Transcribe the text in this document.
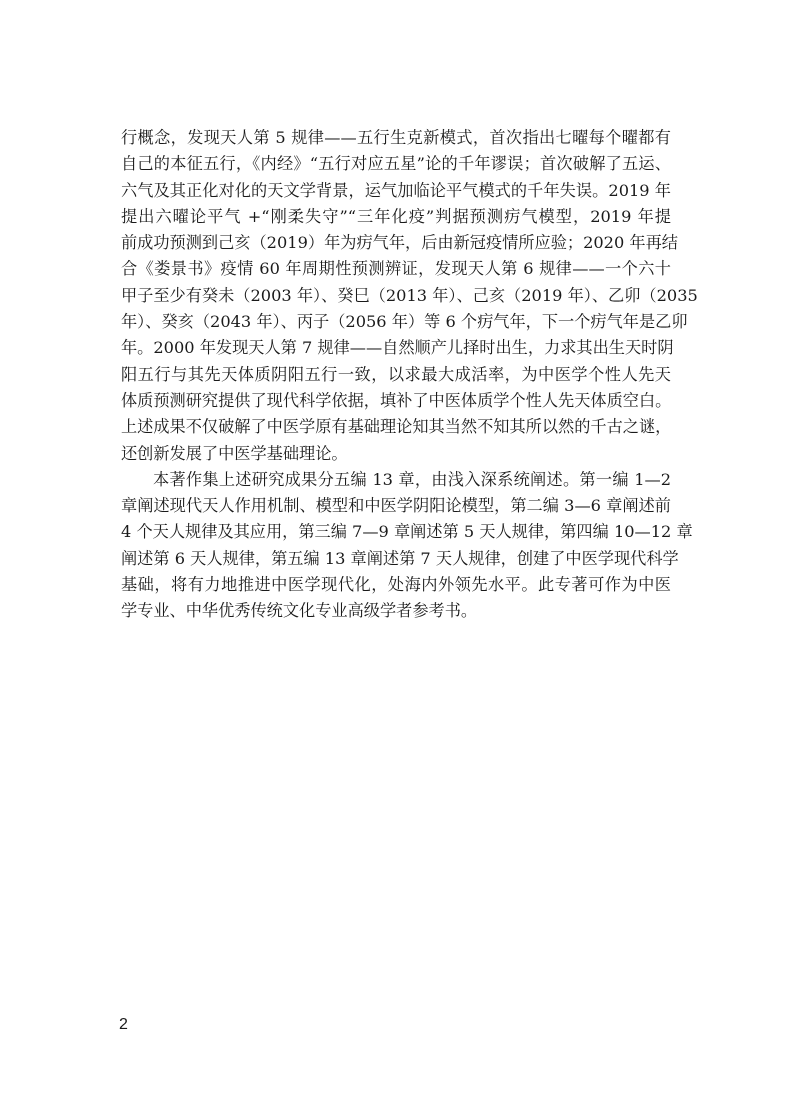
行概念，发现天人第 5 规律——五行生克新模式，首次指出七曜每个曜都有
自己的本征五行，《内经》“五行对应五星”论的千年谬误；首次破解了五运、
六气及其正化对化的天文学背景，运气加临论平气模式的千年失误。2019 年
提出六曜论平气 +“刚柔失守”“三年化疫”判据预测疠气模型，2019 年提
前成功预测到己亥（2019）年为疠气年，后由新冠疫情所应验；2020 年再结
合《娄景书》疫情 60 年周期性预测辨证，发现天人第 6 规律——一个六十
甲子至少有癸未（2003 年）、癸巳（2013 年）、己亥（2019 年）、乙卯（2035
年）、癸亥（2043 年）、丙子（2056 年）等 6 个疠气年，下一个疠气年是乙卯
年。2000 年发现天人第 7 规律——自然顺产儿择时出生，力求其出生天时阴
阳五行与其先天体质阴阳五行一致，以求最大成活率，为中医学个性人先天
体质预测研究提供了现代科学依据，填补了中医体质学个性人先天体质空白。
上述成果不仅破解了中医学原有基础理论知其当然不知其所以然的千古之谜，
还创新发展了中医学基础理论。
本著作集上述研究成果分五编 13 章，由浅入深系统阐述。第一编 1—2
章阐述现代天人作用机制、模型和中医学阴阳论模型，第二编 3—6 章阐述前
4 个天人规律及其应用，第三编 7—9 章阐述第 5 天人规律，第四编 10—12 章
阐述第 6 天人规律，第五编 13 章阐述第 7 天人规律，创建了中医学现代科学
基础，将有力地推进中医学现代化，处海内外领先水平。此专著可作为中医
学专业、中华优秀传统文化专业高级学者参考书。
2
